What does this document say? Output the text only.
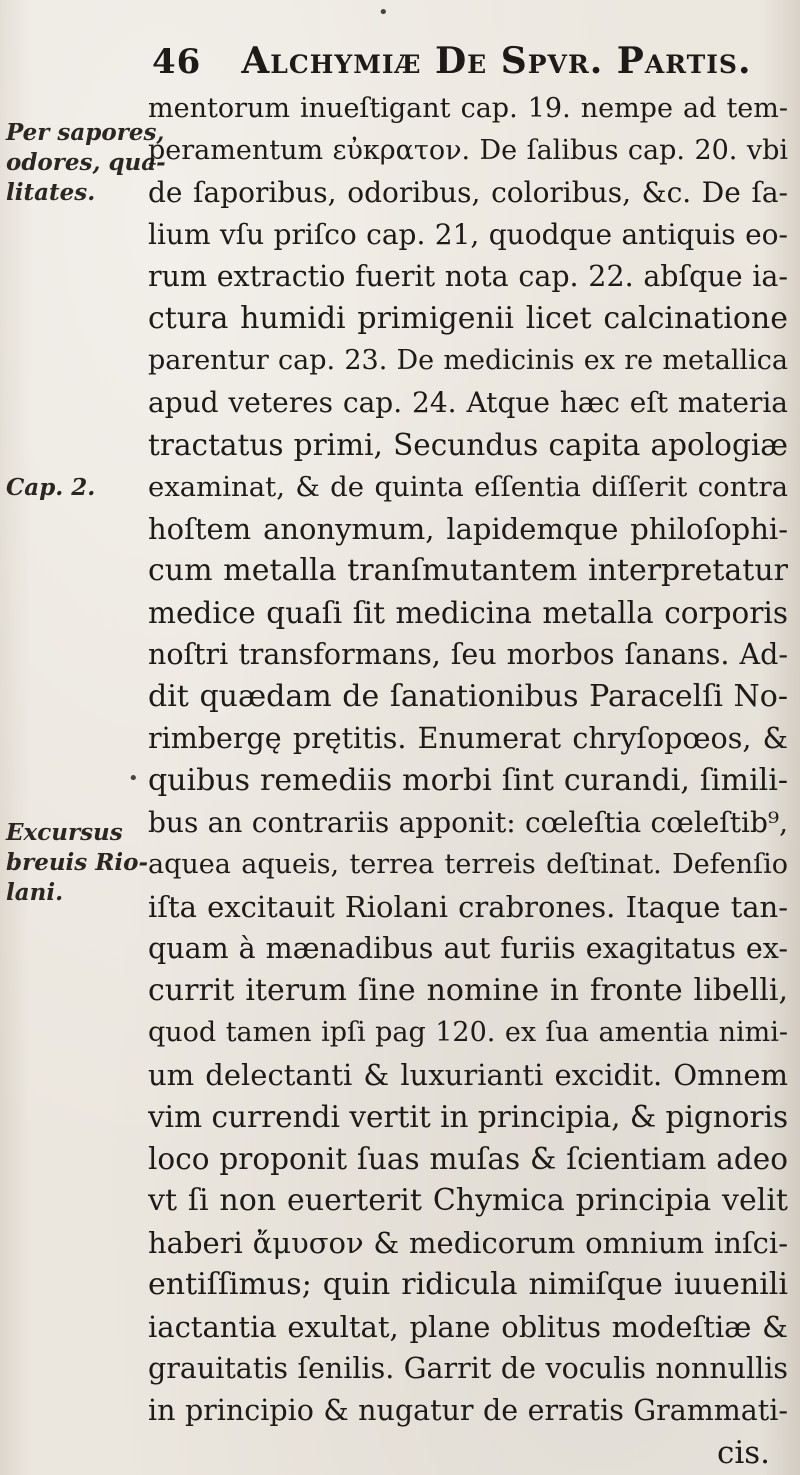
46 Alchymiæ De Spvr. Partis.
Per sapores,
odores, qua-
litates.
Cap. 2.
Excursus
breuis Rio-
lani.
•
•
mentorum inueſtigant cap. 19. nempe ad tem-
peramentum εὐκρατον. De ſalibus cap. 20. vbi
de ſaporibus, odoribus, coloribus, &c. De ſa-
lium vſu priſco cap. 21, quodque antiquis eo-
rum extractio fuerit nota cap. 22. abſque ia-
ctura humidi primigenii licet calcinatione
parentur cap. 23. De medicinis ex re metallica
apud veteres cap. 24. Atque hæc eſt materia
tractatus primi, Secundus capita apologiæ
examinat, & de quinta eſſentia diſſerit contra
hoſtem anonymum, lapidemque philoſophi-
cum metalla tranſmutantem interpretatur
medice quaſi ſit medicina metalla corporis
noſtri transformans, ſeu morbos ſanans. Ad-
dit quædam de ſanationibus Paracelſi No-
rimbergę prętitis. Enumerat chryſopœos, &
quibus remediis morbi ſint curandi, ſimili-
bus an contrariis apponit: cœleſtia cœleſtib⁹,
aquea aqueis, terrea terreis deſtinat. Defenſio
iſta excitauit Riolani crabrones. Itaque tan-
quam à mænadibus aut furiis exagitatus ex-
currit iterum ſine nomine in fronte libelli,
quod tamen ipſi pag 120. ex ſua amentia nimi-
um delectanti & luxurianti excidit. Omnem
vim currendi vertit in principia, & pignoris
loco proponit ſuas muſas & ſcientiam adeo
vt ſi non euerterit Chymica principia velit
haberi ἄμυσον & medicorum omnium inſci-
entiſſimus; quin ridicula nimiſque iuuenili
iactantia exultat, plane oblitus modeſtiæ &
grauitatis ſenilis. Garrit de voculis nonnullis
in principio & nugatur de erratis Grammati-
cis.
